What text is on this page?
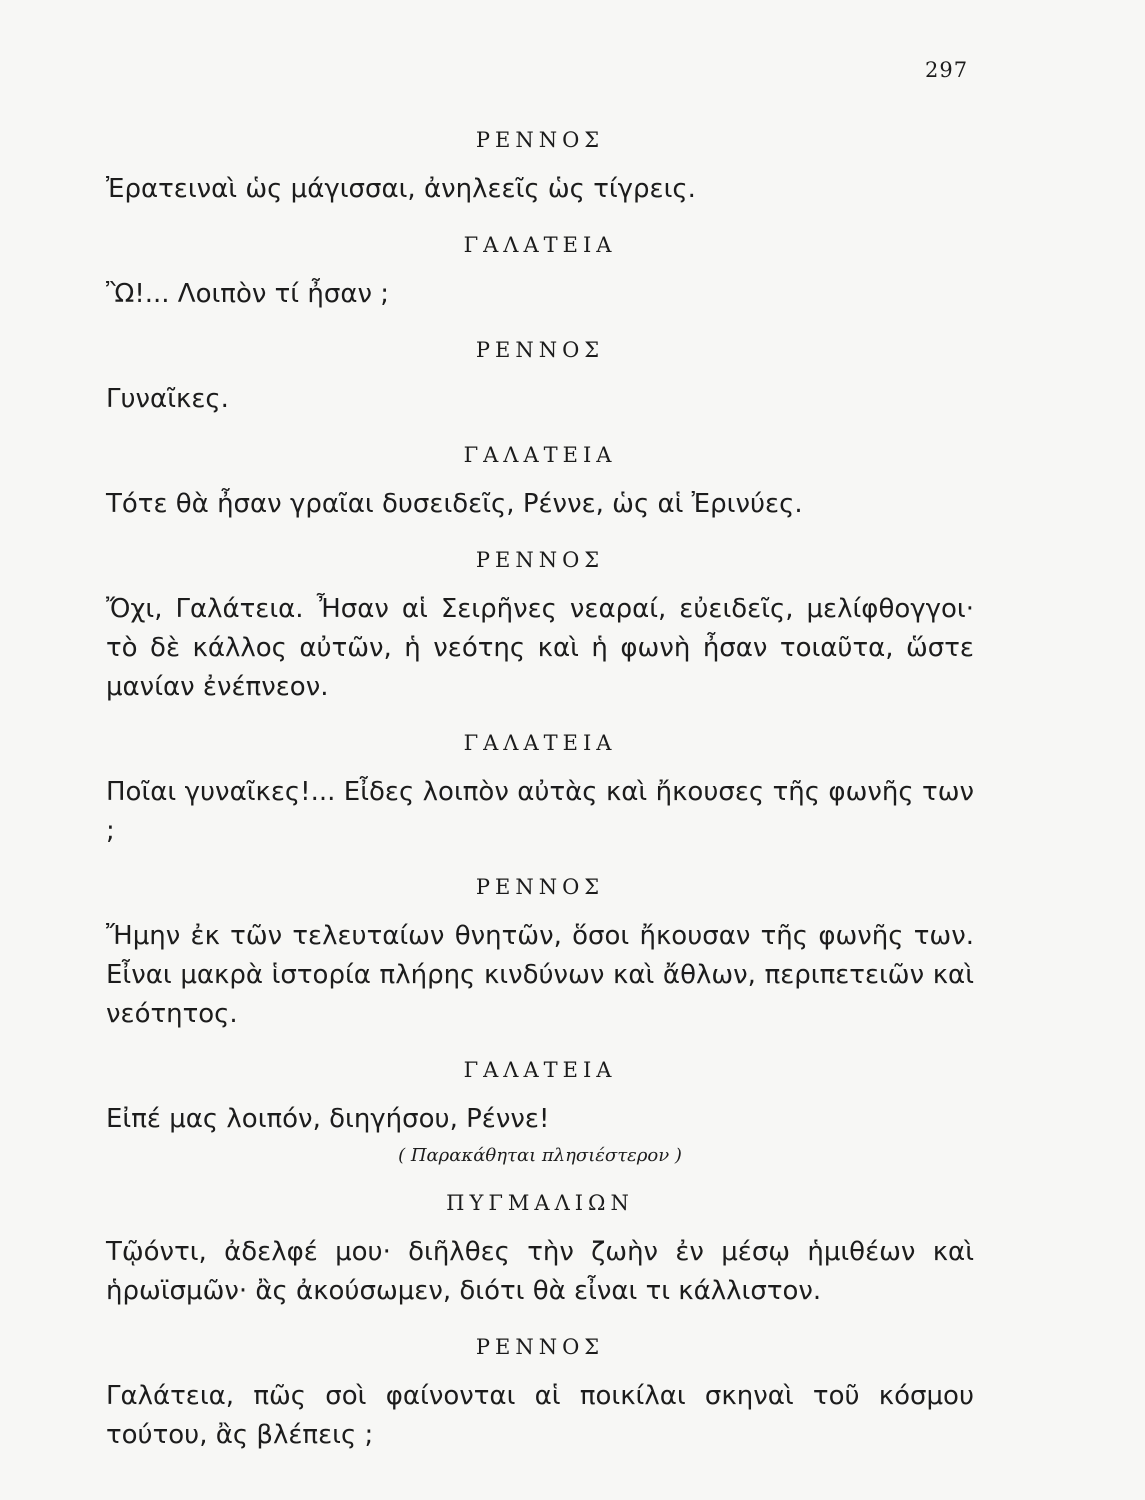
297

ΡΕΝΝΟΣ

Ἐρατειναὶ ὡς μάγισσαι, ἀνηλεεῖς ὡς τίγρεις.

ΓΑΛΑΤΕΙΑ

Ὢ!... Λοιπὸν τί ἦσαν ;

ΡΕΝΝΟΣ

Γυναῖκες.

ΓΑΛΑΤΕΙΑ

Τότε θὰ ἦσαν γραῖαι δυσειδεῖς, Ρέννε, ὡς αἱ Ἐρινύες.

ΡΕΝΝΟΣ

Ὄχι, Γαλάτεια. Ἦσαν αἱ Σειρῆνες νεαραί, εὐειδεῖς, μελίφθογγοι· τὸ δὲ κάλλος αὐτῶν, ἡ νεότης καὶ ἡ φωνὴ ἦσαν τοιαῦτα, ὥστε μανίαν ἐνέπνεον.

ΓΑΛΑΤΕΙΑ

Ποῖαι γυναῖκες!... Εἶδες λοιπὸν αὐτὰς καὶ ἤκουσες τῆς φωνῆς των ;

ΡΕΝΝΟΣ

Ἤμην ἐκ τῶν τελευταίων θνητῶν, ὅσοι ἤκουσαν τῆς φωνῆς των. Εἶναι μακρὰ ἱστορία πλήρης κινδύνων καὶ ἄθλων, περιπετειῶν καὶ νεότητος.

ΓΑΛΑΤΕΙΑ

Εἰπέ μας λοιπόν, διηγήσου, Ρέννε!

( Παρακάθηται πλησιέστερον )

ΠΥΓΜΑΛΙΩΝ

Τῷόντι, ἀδελφέ μου· διῆλθες τὴν ζωὴν ἐν μέσῳ ἡμιθέων καὶ ἡρωϊσμῶν· ἂς ἀκούσωμεν, διότι θὰ εἶναι τι κάλλιστον.

ΡΕΝΝΟΣ

Γαλάτεια, πῶς σοὶ φαίνονται αἱ ποικίλαι σκηναὶ τοῦ κόσμου τούτου, ἂς βλέπεις ;
